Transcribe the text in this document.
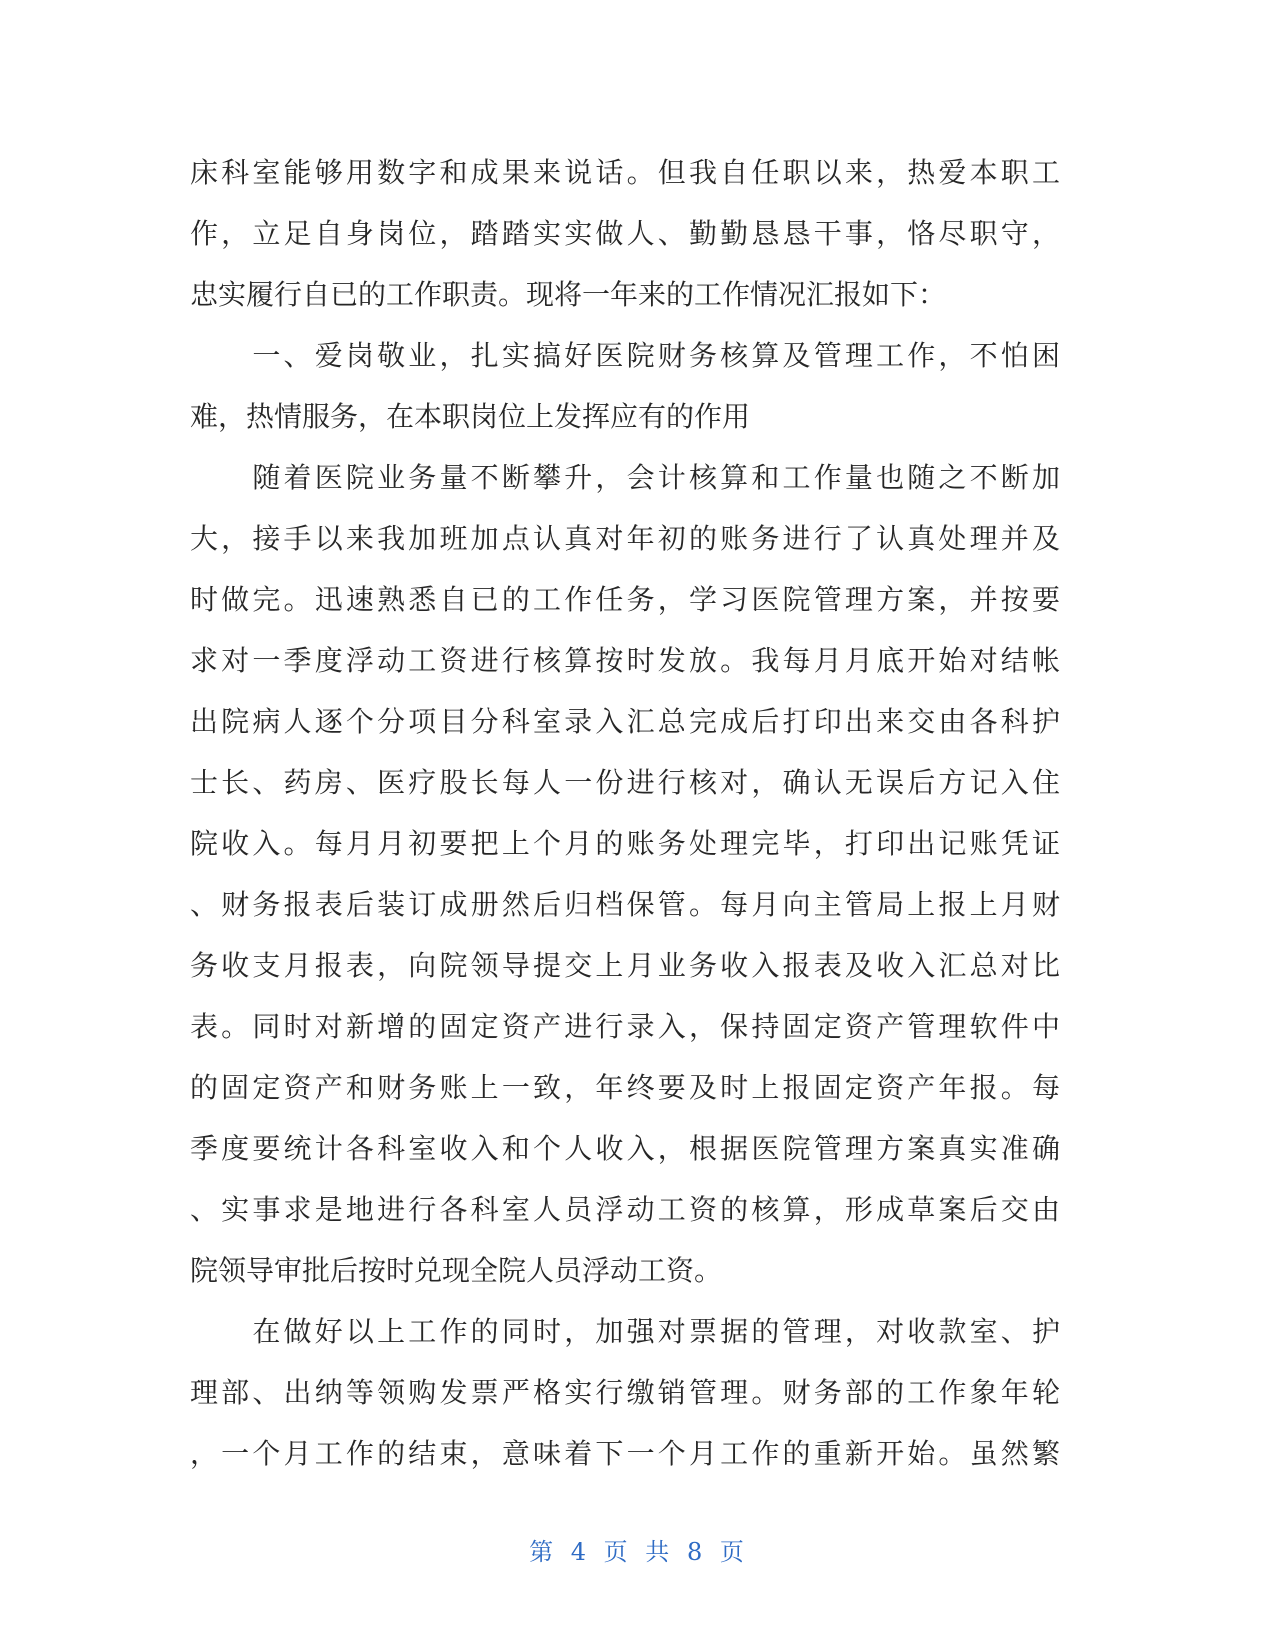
床科室能够用数字和成果来说话。但我自任职以来，热爱本职工
作，立足自身岗位，踏踏实实做人、勤勤恳恳干事，恪尽职守，
忠实履行自已的工作职责。现将一年来的工作情况汇报如下：
　　一、爱岗敬业，扎实搞好医院财务核算及管理工作，不怕困
难，热情服务，在本职岗位上发挥应有的作用
　　随着医院业务量不断攀升，会计核算和工作量也随之不断加
大，接手以来我加班加点认真对年初的账务进行了认真处理并及
时做完。迅速熟悉自已的工作任务，学习医院管理方案，并按要
求对一季度浮动工资进行核算按时发放。我每月月底开始对结帐
出院病人逐个分项目分科室录入汇总完成后打印出来交由各科护
士长、药房、医疗股长每人一份进行核对，确认无误后方记入住
院收入。每月月初要把上个月的账务处理完毕，打印出记账凭证
、财务报表后装订成册然后归档保管。每月向主管局上报上月财
务收支月报表，向院领导提交上月业务收入报表及收入汇总对比
表。同时对新增的固定资产进行录入，保持固定资产管理软件中
的固定资产和财务账上一致，年终要及时上报固定资产年报。每
季度要统计各科室收入和个人收入，根据医院管理方案真实准确
、实事求是地进行各科室人员浮动工资的核算，形成草案后交由
院领导审批后按时兑现全院人员浮动工资。
　　在做好以上工作的同时，加强对票据的管理，对收款室、护
理部、出纳等领购发票严格实行缴销管理。财务部的工作象年轮
，一个月工作的结束，意味着下一个月工作的重新开始。虽然繁
第 4 页 共 8 页
